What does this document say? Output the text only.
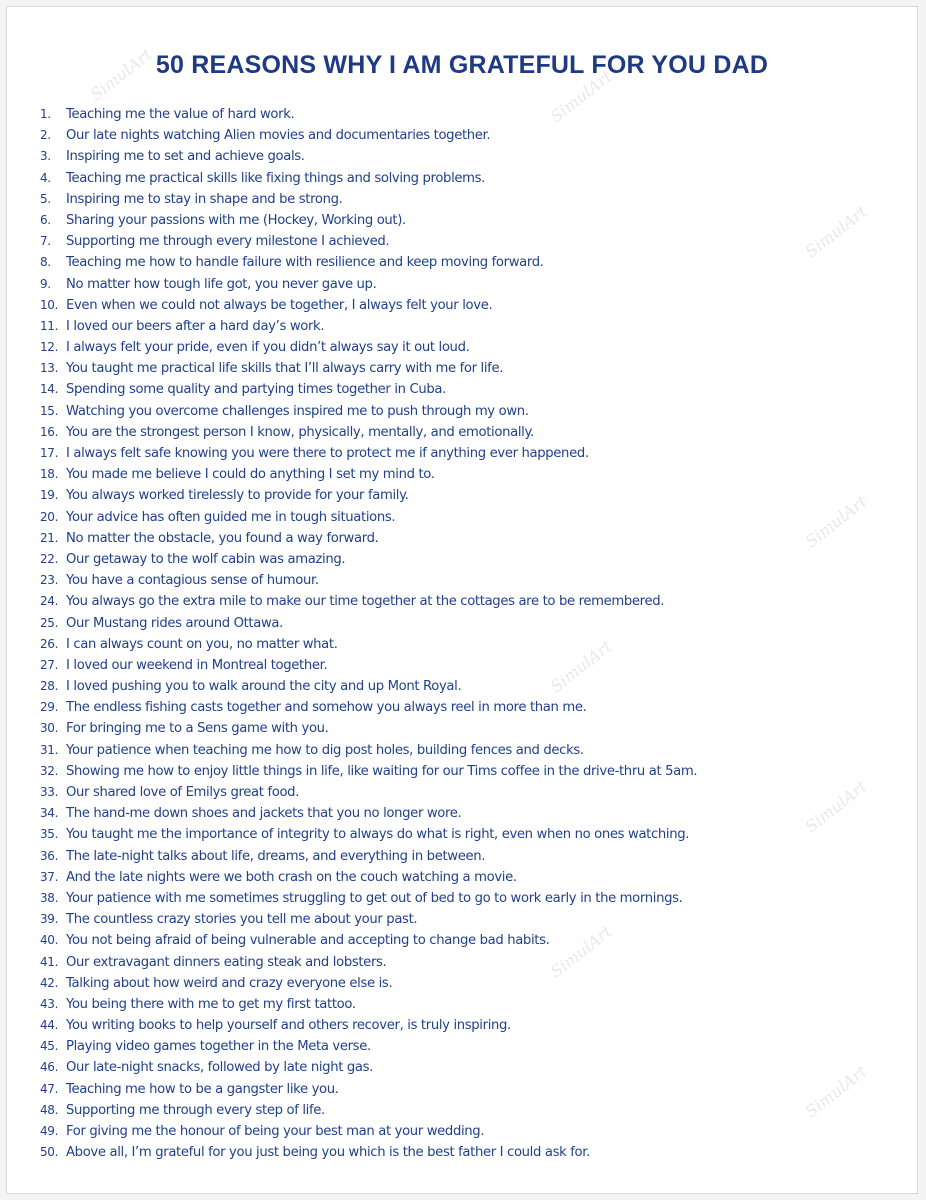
SimulArt	SimulArt
SimulArt
SimulArt
SimulArt
SimulArt
SimulArt
SimulArt
50 REASONS WHY I AM GRATEFUL FOR YOU DAD
1.	Teaching me the value of hard work.
2.	Our late nights watching Alien movies and documentaries together.
3.	Inspiring me to set and achieve goals.
4.	Teaching me practical skills like fixing things and solving problems.
5.	Inspiring me to stay in shape and be strong.
6.	Sharing your passions with me (Hockey, Working out).
7.	Supporting me through every milestone I achieved.
8.	Teaching me how to handle failure with resilience and keep moving forward.
9.	No matter how tough life got, you never gave up.
10. Even when we could not always be together, I always felt your love.
11. I loved our beers after a hard day’s work.
12. I always felt your pride, even if you didn’t always say it out loud.
13. You taught me practical life skills that I’ll always carry with me for life.
14. Spending some quality and partying times together in Cuba.
15. Watching you overcome challenges inspired me to push through my own.
16. You are the strongest person I know, physically, mentally, and emotionally.
17. I always felt safe knowing you were there to protect me if anything ever happened.
18. You made me believe I could do anything I set my mind to.
19. You always worked tirelessly to provide for your family.
20. Your advice has often guided me in tough situations.
21. No matter the obstacle, you found a way forward.
22. Our getaway to the wolf cabin was amazing.
23. You have a contagious sense of humour.
24. You always go the extra mile to make our time together at the cottages are to be remembered.
25. Our Mustang rides around Ottawa.
26. I can always count on you, no matter what.
27. I loved our weekend in Montreal together.
28. I loved pushing you to walk around the city and up Mont Royal.
29. The endless fishing casts together and somehow you always reel in more than me.
30. For bringing me to a Sens game with you.
31. Your patience when teaching me how to dig post holes, building fences and decks.
32. Showing me how to enjoy little things in life, like waiting for our Tims coffee in the drive-thru at 5am.
33. Our shared love of Emilys great food.
34. The hand-me down shoes and jackets that you no longer wore.
35. You taught me the importance of integrity to always do what is right, even when no ones watching.
36. The late-night talks about life, dreams, and everything in between.
37. And the late nights were we both crash on the couch watching a movie.
38. Your patience with me sometimes struggling to get out of bed to go to work early in the mornings.
39. The countless crazy stories you tell me about your past.
40. You not being afraid of being vulnerable and accepting to change bad habits.
41. Our extravagant dinners eating steak and lobsters.
42. Talking about how weird and crazy everyone else is.
43. You being there with me to get my first tattoo.
44. You writing books to help yourself and others recover, is truly inspiring.
45. Playing video games together in the Meta verse.
46. Our late-night snacks, followed by late night gas.
47. Teaching me how to be a gangster like you.
48. Supporting me through every step of life.
49. For giving me the honour of being your best man at your wedding.
50. Above all, I’m grateful for you just being you which is the best father I could ask for.
